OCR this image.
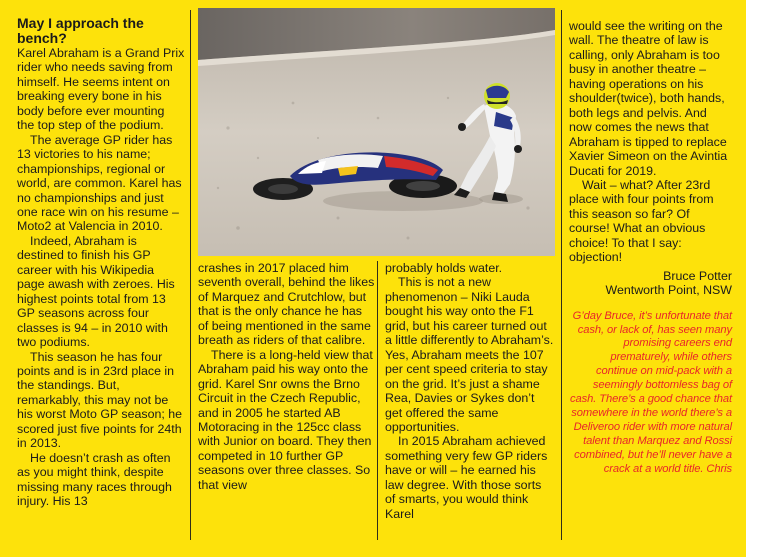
May I approach the bench?

Karel Abraham is a Grand Prix rider who needs saving from himself. He seems intent on breaking every bone in his body before ever mounting the top step of the podium.

The average GP rider has 13 victories to his name; championships, regional or world, are common. Karel has no championships and just one race win on his resume – Moto2 at Valencia in 2010.

Indeed, Abraham is destined to finish his GP career with his Wikipedia page awash with zeroes. His highest points total from 13 GP seasons across four classes is 94 – in 2010 with two podiums.

This season he has four points and is in 23rd place in the standings. But, remarkably, this may not be his worst Moto GP season; he scored just five points for 24th in 2013.

He doesn’t crash as often as you might think, despite missing many races through injury. His 13

crashes in 2017 placed him seventh overall, behind the likes of Marquez and Crutchlow, but that is the only chance he has of being mentioned in the same breath as riders of that calibre.

There is a long-held view that Abraham paid his way onto the grid. Karel Snr owns the Brno Circuit in the Czech Republic, and in 2005 he started AB Motoracing in the 125cc class with Junior on board. They then competed in 10 further GP seasons over three classes. So that view

probably holds water.

This is not a new phenomenon – Niki Lauda bought his way onto the F1 grid, but his career turned out a little differently to Abraham’s. Yes, Abraham meets the 107 per cent speed criteria to stay on the grid. It’s just a shame Rea, Davies or Sykes don’t get offered the same opportunities.

In 2015 Abraham achieved something very few GP riders have or will – he earned his law degree. With those sorts of smarts, you would think Karel

would see the writing on the wall. The theatre of law is calling, only Abraham is too busy in another theatre – having operations on his shoulder(twice), both hands, both legs and pelvis. And now comes the news that Abraham is tipped to replace Xavier Simeon on the Avintia Ducati for 2019.

Wait – what? After 23rd place with four points from this season so far? Of course! What an obvious choice! To that I say: objection!

Bruce Potter

Wentworth Point, NSW

G’day Bruce, it’s unfortunate that cash, or lack of, has seen many promising careers end prematurely, while others continue on mid-pack with a seemingly bottomless bag of cash. There’s a good chance that somewhere in the world there’s a Deliveroo rider with more natural talent than Marquez and Rossi combined, but he’ll never have a crack at a world title. Chris
